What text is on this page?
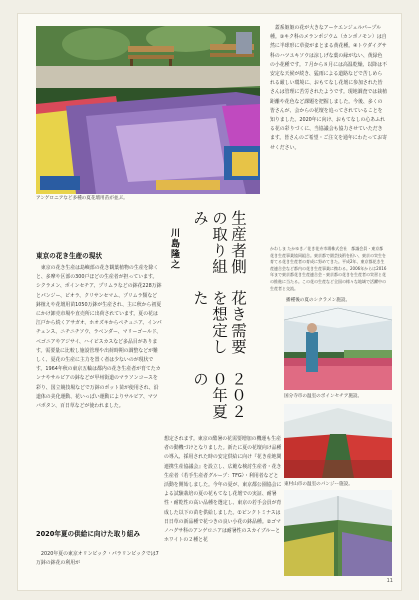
アンゲロニアなど多種の夏花壇用苗が並ぶ。

蓋系姫姫の花が大きなアーケエンジェルパープル種。③キク科のメランポジウム（カンポノモン）は自然に半球形に草姿がまとまる黄花種。④トウダイグサ科のハツユキソウは涼しげな葉の縁がない、黄緑色の小花種です。７月から８月には高温乾燥、以降は不安定な天候が続き、猛雨による道路などで苦しめられる厳しい環境に、おもてなし花壇に参加された皆さんは管理に苦労されたようです。現地調査では栽植距離や花色など課題を把握しました。今後、多くの皆さんが、会からの花壇を追ってされていることを知りました。2020年に向け、おもてなしの心あふれる花の彩りづくに、当協議会も協力させていただきます。皆さんのご希望・ご注文を通年にわたってお寄せください。

かわしま たかゆき／花き花卉市場株式会社　都議会員・東京都花き生産事業協同組合。東京都で園芸技術を担い、東京の実生を育てる花き生産者の育成に努めてきた。平成2年、東京都花き生産連合会など都内の花き生産事業に携わる。2006年からは2016年まで東京都花き生産連合会・東京都の花きを生産者の実習と花の推進に当たる。この花の生産など全国の様々な地域で活躍中の生産者と交流。

２０２０年夏の
花き需要を想定した
生産者側の取り組み
川島隆之
東京の花き生産の現状

東京の花き生産は島嶼部の花き観葉植物の生産を除くと、多摩や区部の300戸ほどの生産者が担っています。シクラメン、ポインセチア、プリムラなどの鉢花228万鉢とパンジー、ビオラ、クリサンセマム、プリムラ類など鉢植えや花壇用苗1050万鉢が生産され、主に秋から初夏にかけ卸売市場や直売所に出荷されています。夏の花は江戸から続くアサガオ、ホオズキからペチュニア、インパチェンス、ニチニチソウ、ラベンダー、マリーゴールド、ベゴニアやアジサイ、ハイビスカスなど多品目があります。需要量に比較し施設管理や出荷時期の調整などが難しく、夏花の生産に主力を置く者は少ないのが現状です。1964年秋の東京五輪は都内の花き生産者が育てたカンナやサルビアの鉢などが甲州街道のマラソンコースを彩り、国立競技場などで万鉢のポット苗が使用され、沿道体の美化運動、花いっぱい運動によりサルビア、マツバボタン、百日草などが使われました。

2020年夏の供給に向けた取り組み

2020年夏の東京オリンピック・パラリンピックでは7万鉢の鉢花の利用が

想定されます。東京の酷暑の花需要増加の機運も生産者の動機づけとなりました。新たに夏の花壇向け品種の導入、採用された時の安定供給に向け『花き産地間連携生産協議会』を設立し、広範な検討生産者・花き生産者（若手生産者グループ：TFG）・利用者などと活動を開始しました。今年の夏が、東京都公園協会による試験栽培の夏の花もてなし花壇での実証、耐暑性・耐乾性の高い品種を選定し、東京の若手会員が育成した以下の苗を供給しました。①ピンクトミナスは日日草の新品種で花つきの良い小花の鉢品種。②ゴマノハグサ科のアンゲロニアは耐暑性のスカイブルーとホワイトの２種と花

播種後の夏のシクラメン施設。
国分寺市の温室のポインセチア施設。
東村山市の温室のパンジー施設。
11
